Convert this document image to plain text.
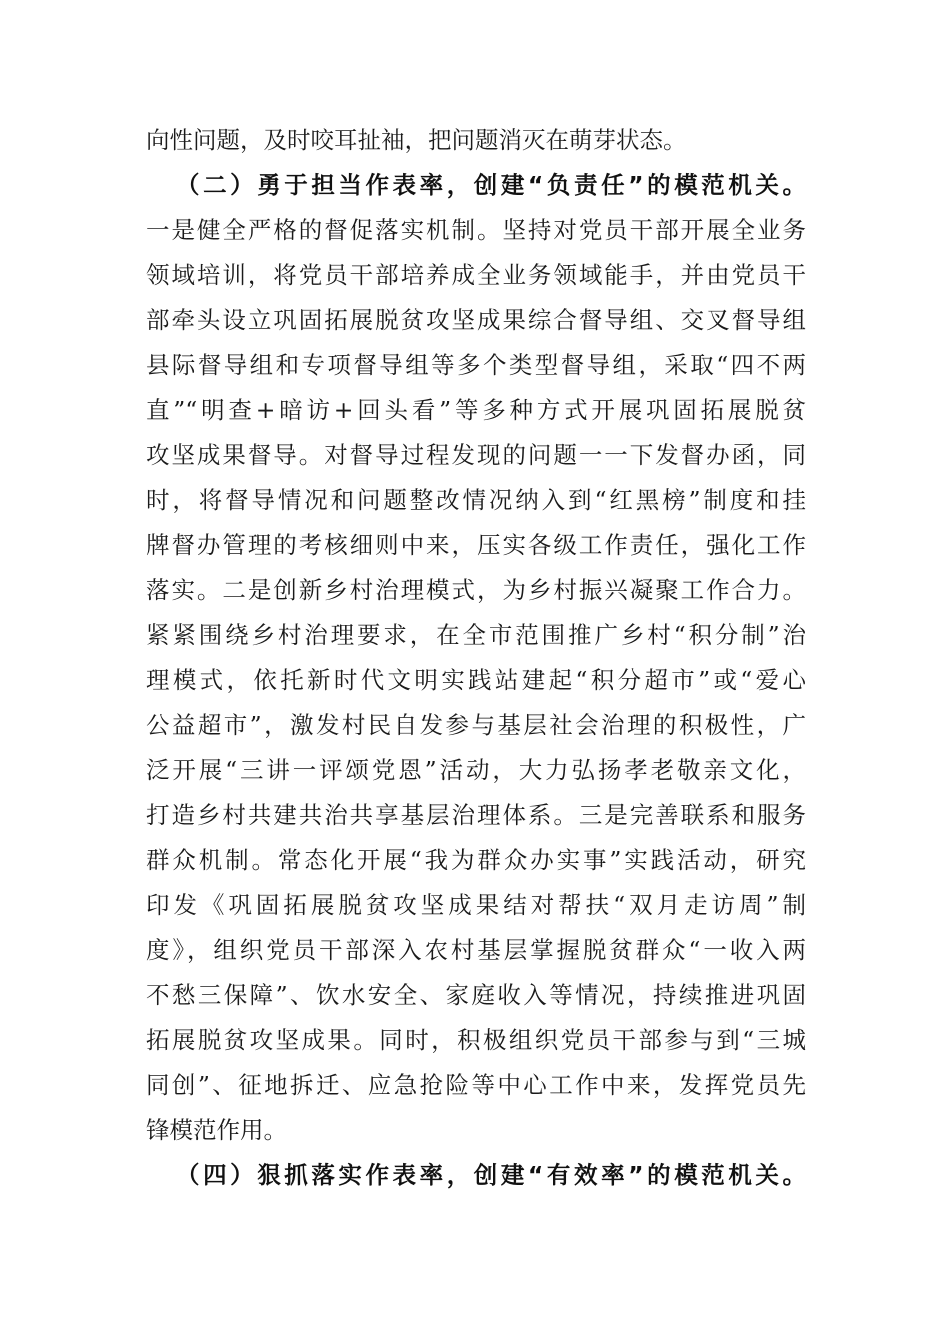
向性问题，及时咬耳扯袖，把问题消灭在萌芽状态。
（二）勇于担当作表率，创建“负责任”的模范机关。
一是健全严格的督促落实机制。坚持对党员干部开展全业务
领域培训，将党员干部培养成全业务领域能手，并由党员干
部牵头设立巩固拓展脱贫攻坚成果综合督导组、交叉督导组
县际督导组和专项督导组等多个类型督导组，采取“四不两
直”“明查+暗访+回头看”等多种方式开展巩固拓展脱贫
攻坚成果督导。对督导过程发现的问题一一下发督办函，同
时，将督导情况和问题整改情况纳入到“红黑榜”制度和挂
牌督办管理的考核细则中来，压实各级工作责任，强化工作
落实。二是创新乡村治理模式，为乡村振兴凝聚工作合力。
紧紧围绕乡村治理要求，在全市范围推广乡村“积分制”治
理模式，依托新时代文明实践站建起“积分超市”或“爱心
公益超市”，激发村民自发参与基层社会治理的积极性，广
泛开展“三讲一评颂党恩”活动，大力弘扬孝老敬亲文化，
打造乡村共建共治共享基层治理体系。三是完善联系和服务
群众机制。常态化开展“我为群众办实事”实践活动，研究
印发《巩固拓展脱贫攻坚成果结对帮扶“双月走访周”制
度》，组织党员干部深入农村基层掌握脱贫群众“一收入两
不愁三保障”、饮水安全、家庭收入等情况，持续推进巩固
拓展脱贫攻坚成果。同时，积极组织党员干部参与到“三城
同创”、征地拆迁、应急抢险等中心工作中来，发挥党员先
锋模范作用。
（四）狠抓落实作表率，创建“有效率”的模范机关。
